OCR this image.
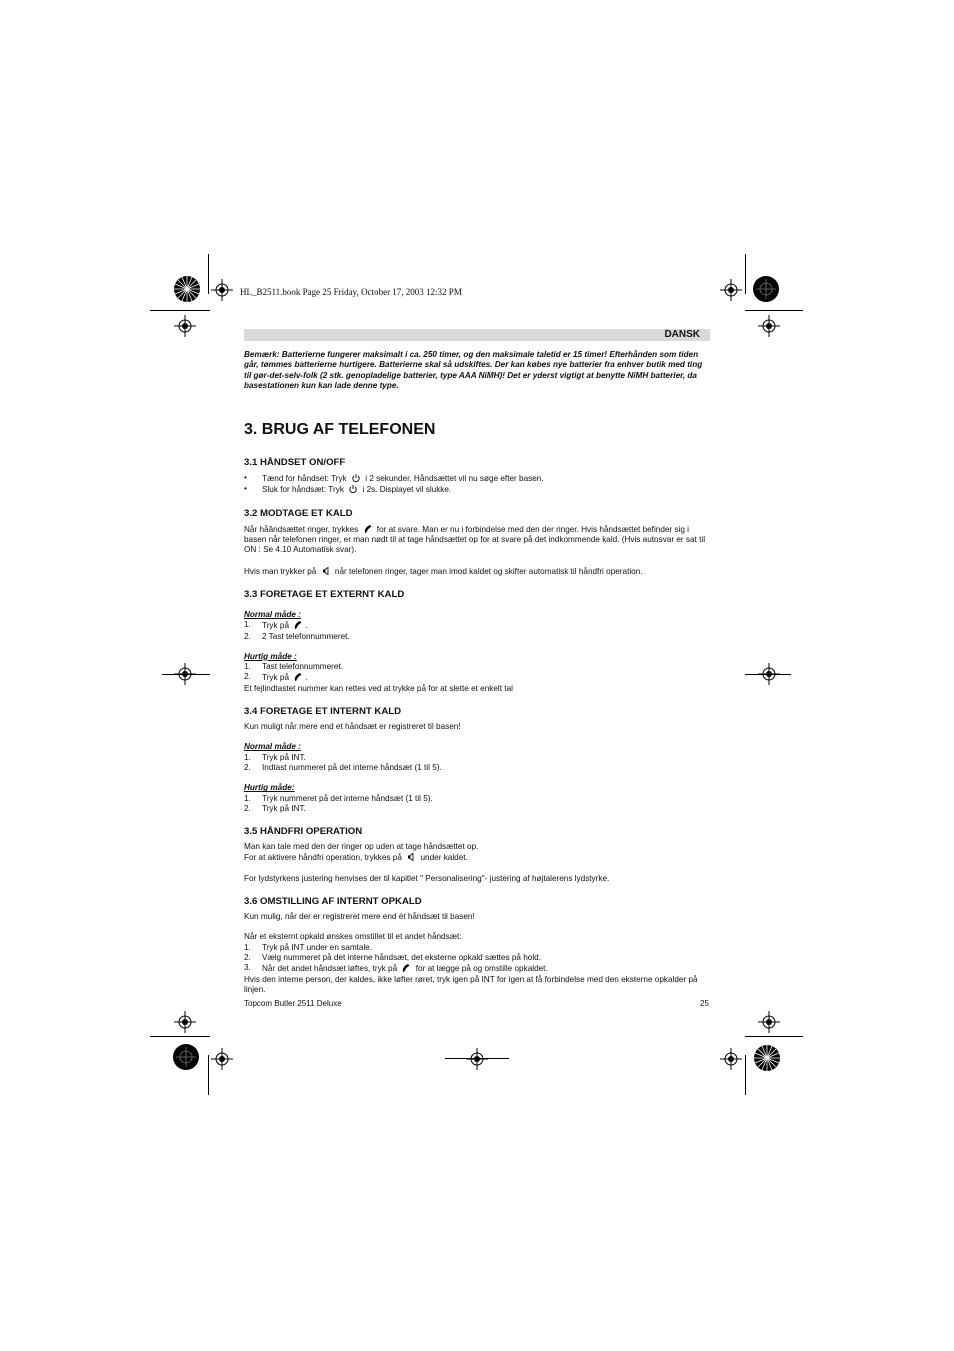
HL_B2511.book Page 25 Friday, October 17, 2003 12:32 PM
DANSK

Bemærk: Batterierne fungerer maksimalt i ca. 250 timer, og den maksimale taletid er 15 timer! Efterhånden som tiden går, tømmes batterierne hurtigere. Batterierne skal så udskiftes. Der kan købes nye batterier fra enhver butik med ting til gør-det-selv-folk (2 stk. genopladelige batterier, type AAA NiMH)! Det er yderst vigtigt at benytte NiMH batterier, da basestationen kun kan lade denne type.

3. BRUG AF TELEFONEN
3.1 HÅNDSET ON/OFF
•	Tænd for håndset: Tryk i 2 sekunder. Håndsættet vil nu søge efter basen.
•	Sluk for håndsæt: Tryk i 2s. Displayet vil slukke.
3.2 MODTAGE ET KALD

Når håândsættet ringer, trykkes for at svare. Man er nu i forbindelse med den der ringer. Hvis håndsættet befinder sig i basen når telefonen ringer, er man nødt til at tage håndsættet op for at svare på det indkommende kald. (Hvis autosvar er sat til ON : Se 4.10 Automatisk svar).

Hvis man trykker på når telefonen ringer, tager man imod kaldet og skifter automatisk til håndfri operation.

3.3 FORETAGE ET EXTERNT KALD

Normal måde :

1.	Tryk på .
2.	2 Tast telefonnummeret.

Hurtig måde :

1.	Tast telefonnummeret.
2.	Tryk på .

Et fejlindtastet nummer kan rettes ved at trykke på for at slette et enkelt tal

3.4 FORETAGE ET INTERNT KALD

Kun muligt når mere end et håndsæt er registreret til basen!

Normal måde :

1.	Tryk på INT.
2.	Indtast nummeret på det interne håndsæt (1 til 5).

Hurtig måde:

1.	Tryk nummeret på det interne håndsæt (1 til 5).
2.	Tryk på INT.
3.5 HÅNDFRI OPERATION

Man kan tale med den der ringer op uden at tage håndsættet op.

For at aktivere håndfri operation, trykkes på under kaldet.

For lydstyrkens justering henvises der til kapitlet " Personalisering"- justering af højtalerens lydstyrke.

3.6 OMSTILLING AF INTERNT OPKALD

Kun mulig, når der er registreret mere end ét håndsæt til basen!

Når et eksternt opkald ønskes omstillet til et andet håndsæt:

1.	Tryk på INT under en samtale.
2.	Vælg nummeret på det interne håndsæt, det eksterne opkald sættes på hold.
3.	Når det andet håndsæt løftes, tryk på for at lægge på og omstille opkaldet.

Hvis den interne person, der kaldes, ikke løfter røret, tryk igen på INT for igen at få forbindelse med den eksterne opkalder på linjen.

Topcom Butler 2511 Deluxe	25
